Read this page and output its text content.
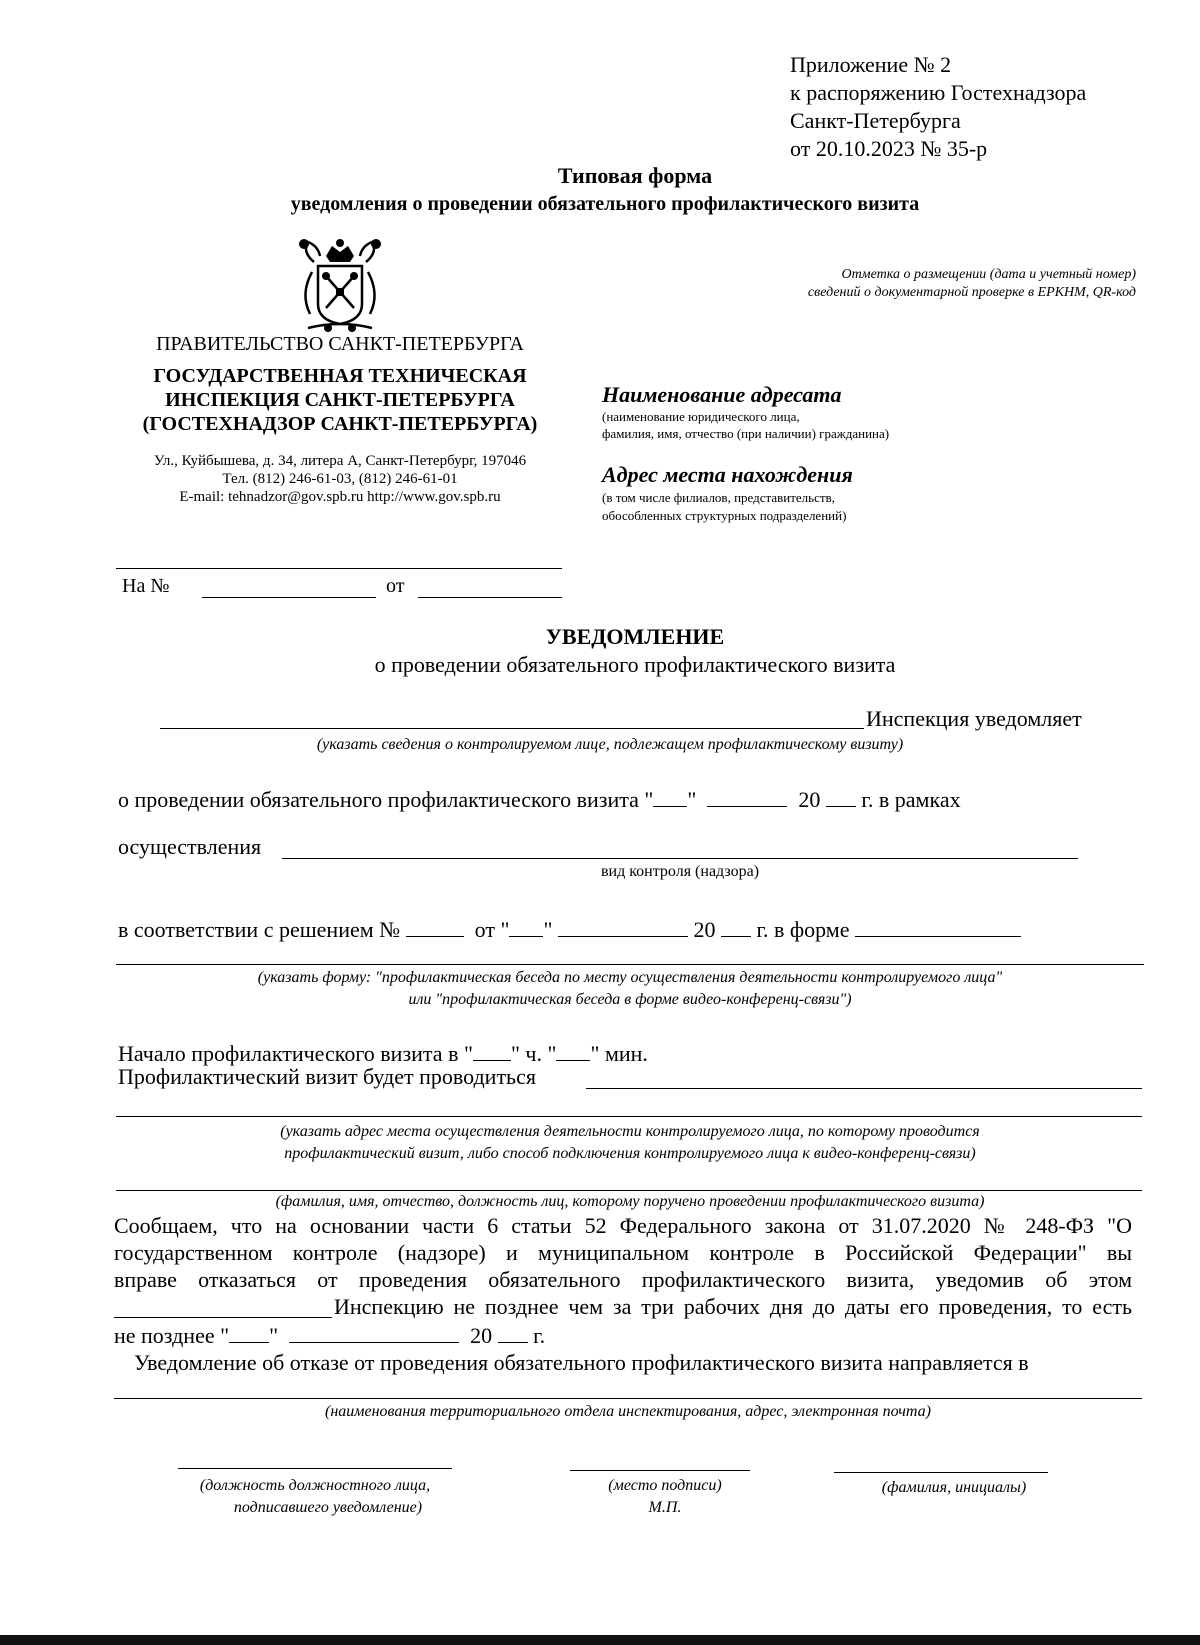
Приложение № 2
к распоряжению Гостехнадзора
Санкт-Петербурга
от 20.10.2023 № 35-р
Типовая форма
уведомления о проведении обязательного профилактического визита
Отметка о размещении (дата и учетный номер)
сведений о документарной проверке в ЕРКНМ, QR-код
ПРАВИТЕЛЬСТВО САНКТ-ПЕТЕРБУРГА
ГОСУДАРСТВЕННАЯ ТЕХНИЧЕСКАЯ
ИНСПЕКЦИЯ САНКТ-ПЕТЕРБУРГА
(ГОСТЕХНАДЗОР САНКТ-ПЕТЕРБУРГА)
Ул., Куйбышева, д. 34, литера А, Санкт-Петербург, 197046
Тел. (812) 246-61-03, (812) 246-61-01
E-mail: tehnadzor@gov.spb.ru http://www.gov.spb.ru
Наименование адресата
(наименование юридического лица,
фамилия, имя, отчество (при наличии) гражданина)
Адрес места нахождения
(в том числе филиалов, представительств,
обособленных структурных подразделений)
На №	от
УВЕДОМЛЕНИЕ
о проведении обязательного профилактического визита
Инспекция уведомляет
(указать сведения о контролируемом лице, подлежащем профилактическому визиту)
о проведении обязательного профилактического визита " "	20 г. в рамках
осуществления
вид контроля (надзора)
в соответствии с решением №	от " "	20 г. в форме
(указать форму: "профилактическая беседа по месту осуществления деятельности контролируемого лица"
или "профилактическая беседа в форме видео-конференц-связи")
Начало профилактического визита в " " ч. " " мин.
Профилактический визит будет проводиться
(указать адрес места осуществления деятельности контролируемого лица, по которому проводится
профилактический визит, либо способ подключения контролируемого лица к видео-конференц-связи)
(фамилия, имя, отчество, должность лиц, которому поручено проведении профилактического визита)
Сообщаем, что на основании части 6 статьи 52 Федерального закона от 31.07.2020 № 248-ФЗ "О
государственном контроле (надзоре) и муниципальном контроле в Российской Федерации" вы
вправе отказаться от проведения обязательного профилактического визита, уведомив об этом
Инспекцию не позднее чем за три рабочих дня до даты его проведения, то есть
не позднее " "	20 г.
Уведомление об отказе от проведения обязательного профилактического визита направляется в
(наименования территориального отдела инспектирования, адрес, электронная почта)
(должность должностного лица,
подписавшего уведомление)
(место подписи)
М.П.
(фамилия, инициалы)
